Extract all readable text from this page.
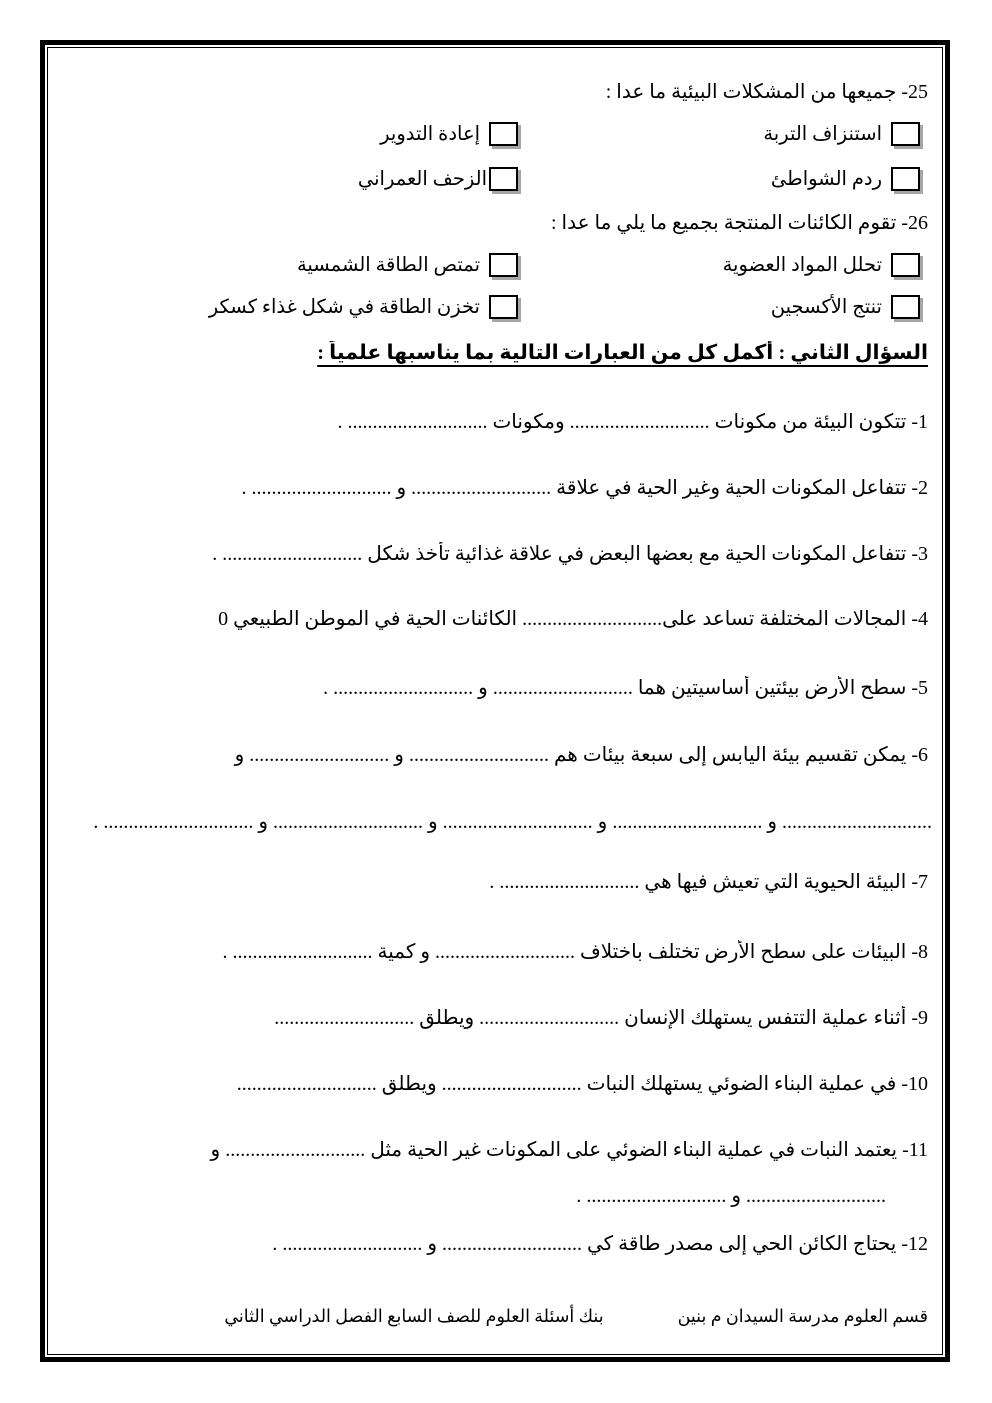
25- جميعها من المشكلات البيئية ما عدا :
استنزاف التربة
إعادة التدوير
ردم الشواطئ
الزحف العمراني
26- تقوم الكائنات المنتجة بجميع ما يلي ما عدا :
تحلل المواد العضوية
تمتص الطاقة الشمسية
تنتج الأكسجين
تخزن الطاقة في شكل غذاء كسكر
السؤال الثاني : أكمل كل من العبارات التالية بما يناسبها علمياً :
1- تتكون البيئة من مكونات ............................ ومكونات ............................ .
2- تتفاعل المكونات الحية وغير الحية في علاقة ............................ و ............................ .
3- تتفاعل المكونات الحية مع بعضها البعض في علاقة غذائية تأخذ شكل ............................ .
4- المجالات المختلفة تساعد على............................ الكائنات الحية في الموطن الطبيعي 0
5- سطح الأرض بيئتين أساسيتين هما ............................ و ............................ .
6- يمكن تقسيم بيئة اليابس إلى سبعة بيئات هم ............................ و ............................ و
.............................. و .............................. و .............................. و .............................. و .............................. .
7- البيئة الحيوية التي تعيش فيها هي ............................ .
8- البيئات على سطح الأرض تختلف باختلاف ............................ و كمية ............................ .
9- أثناء عملية التتفس يستهلك الإنسان ............................ ويطلق ............................
10- في عملية البناء الضوئي يستهلك النبات ............................ ويطلق ............................
11- يعتمد النبات في عملية البناء الضوئي على المكونات غير الحية مثل ............................ و
............................ و ............................ .
12- يحتاج الكائن الحي إلى مصدر طاقة كي ............................ و ............................ .
قسم العلوم مدرسة السيدان م بنين
بنك أسئلة العلوم للصف السابع الفصل الدراسي الثاني
